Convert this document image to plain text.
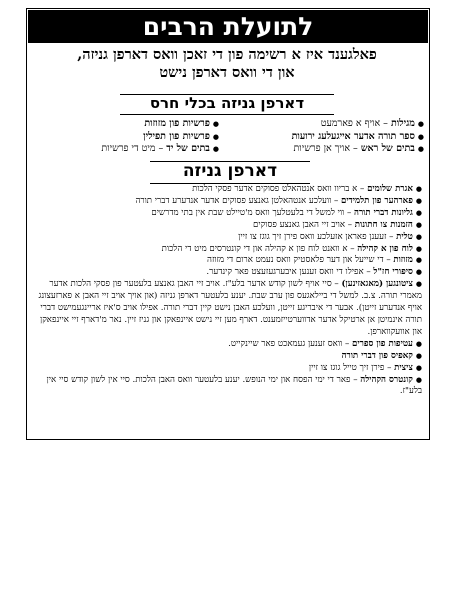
לתועלת הרבים
פאלגענד איז א רשימה פון די זאכן וואס דארפן גניזה,
און די וואס דארפן נישט
דארפן גניזה בכלי חרס
●מגילות – אויף א פארמעט
●ספר תורה אדער אייגעלעג ירועות
●בתים של ראש – אויך אן פרשיות
●פרשיות פון מזוזות
●פרשיות פון תפילין
●בתים של יד – מיט די פרשיות
דארפן גניזה
●אגרת שלומים – א בריוו וואס אנטהאלט פסוקים אדער פסקי הלכות
●פארהער פון תלמידים – וועלכע אנטהאלטן גאנצע פסוקים אדער אנדערע דברי תורה
●גליונות דברי תורה – ווי למשל די בלעטלעך וואס מ'טיילט שבת אין בתי מדרשים
●הזמנות צו חתונות – אויב זיי האבן גאנצע פסוקים
●טלית – זעענן פאראן אזעלכע וואס פירן זיך גוגז צו זיין
●לוח פון א קהילה – א וואנט לוח פון א קהילה און די קונטרסים מיט די הלכות
●מזוזות – די שייעל און דער פלאסטיק וואס נעמט ארום די מזוזה
●סיפורי חז"ל – אפילו די וואס זענען איבערגעזעצט פאר קינדער.
●ציטונגען (מאגאזינען) – סיי אויף לשון קודש אדער בלע"ז. אויב זיי האבן גאנצע בלעטער פון פסקי הלכות אדער מאמרי תורה. צ.ב. למשל די ביילאגעס פון ערב שבת. יענע בלעטער דארפן גניזה (און אויך אויב זיי האבן א פארזעצונג אויף אנדערע זייטן). אבער די איבריגע זייטן, וועלכע האבן נישט קיין דברי תורה. אפילו אויב ס'איז אריינגעמישט דברי תורה אינמיטן אן ארטיקל אדער אדווערטייזמענט. דארף מען זיי נישט איינפאקן און גניז זיין. נאר מ'דארף זיי איינפאקן און אוועקווארפן.
●עטיפות פון ספרים – וואס זענען געמאכט פאר שיינקייט.
●קאפיס פון דברי תורה
●ציצית – פירן זיך טייל גוגז צו זיין
●קונטרס הקהילה – פאר די ימי הפסח און ימי הנופש. יענע בלעטער וואס האבן הלכות. סיי אין לשון קודש סיי אין בלע"ז.
